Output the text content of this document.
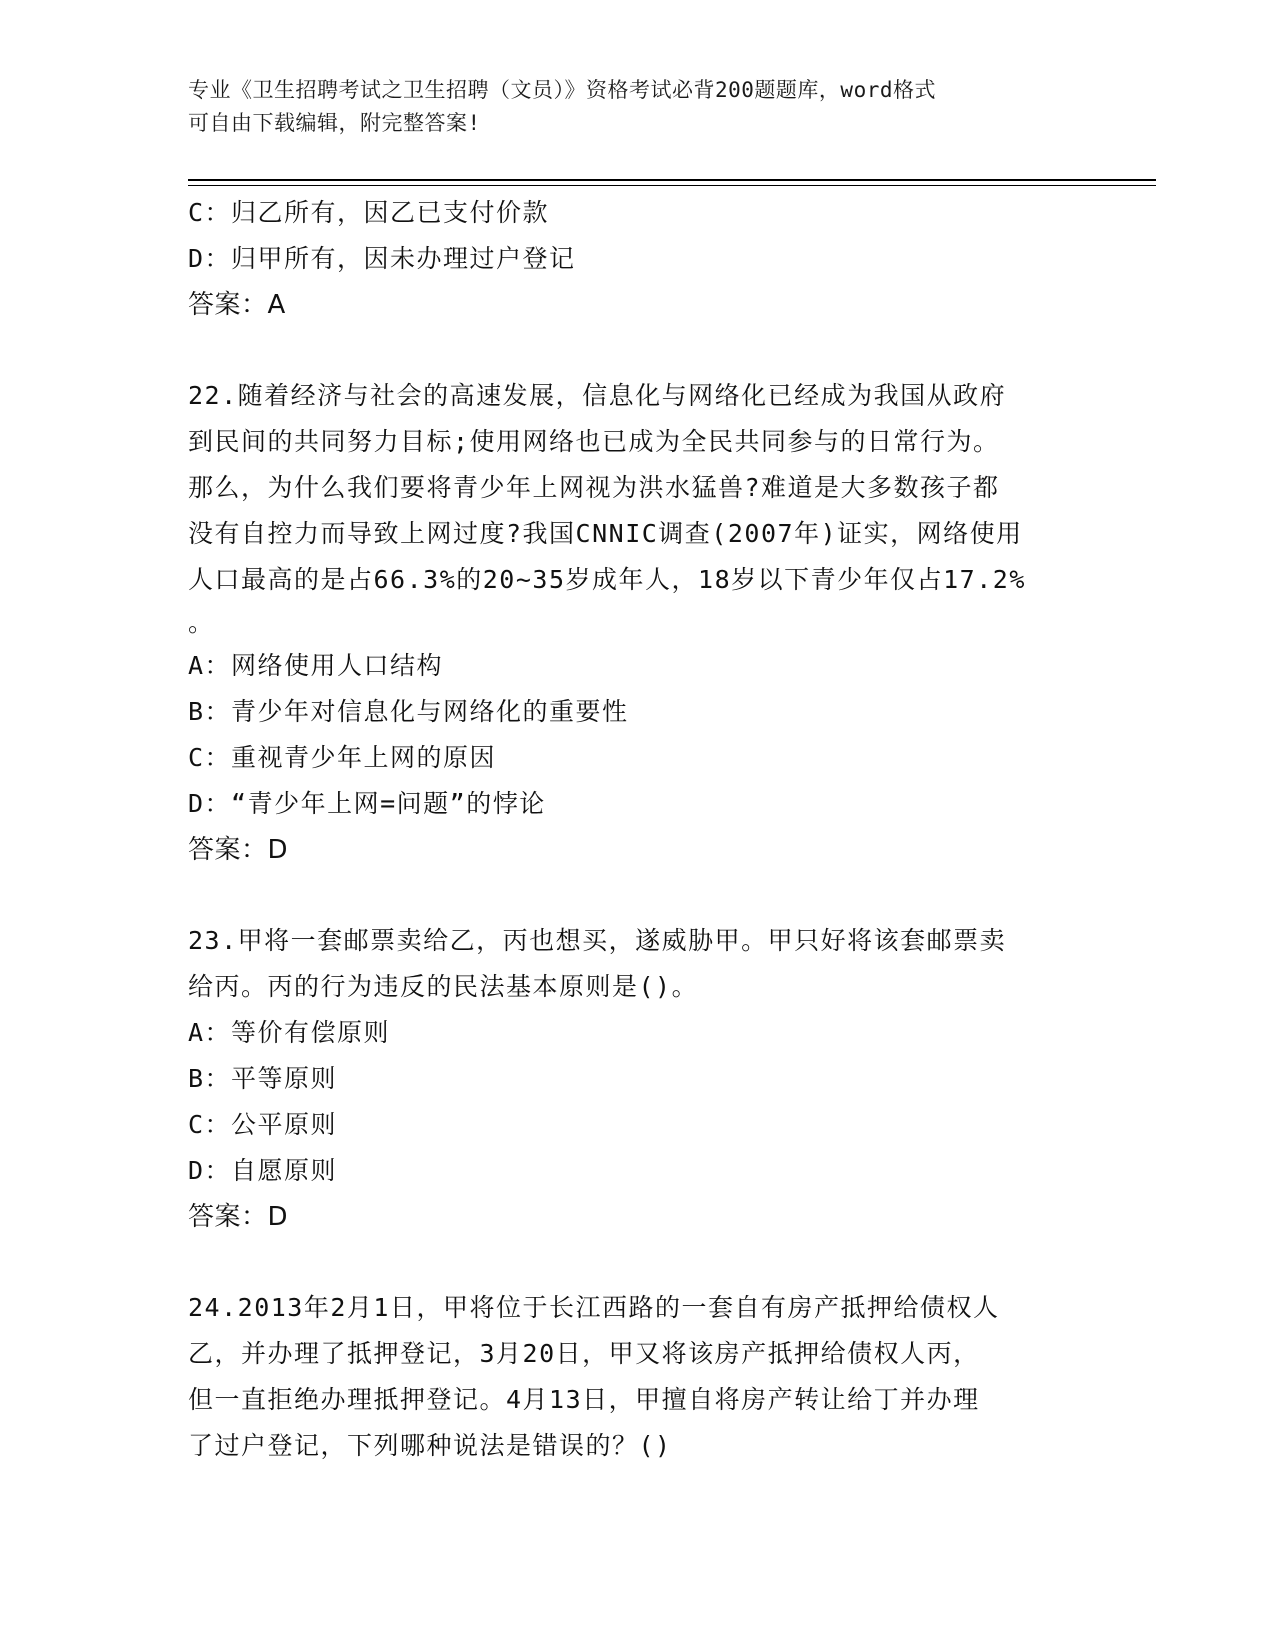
专业《卫生招聘考试之卫生招聘（文员）》资格考试必背200题题库，word格式
可自由下载编辑，附完整答案!
C：归乙所有，因乙已支付价款
D：归甲所有，因未办理过户登记
答案：A
22.随着经济与社会的高速发展，信息化与网络化已经成为我国从政府
到民间的共同努力目标;使用网络也已成为全民共同参与的日常行为。
那么，为什么我们要将青少年上网视为洪水猛兽?难道是大多数孩子都
没有自控力而导致上网过度?我国CNNIC调查(2007年)证实，网络使用
人口最高的是占66.3%的20~35岁成年人，18岁以下青少年仅占17.2%
。
A：网络使用人口结构
B：青少年对信息化与网络化的重要性
C：重视青少年上网的原因
D：“青少年上网=问题”的悖论
答案：D
23.甲将一套邮票卖给乙，丙也想买，遂威胁甲。甲只好将该套邮票卖
给丙。丙的行为违反的民法基本原则是()。
A：等价有偿原则
B：平等原则
C：公平原则
D：自愿原则
答案：D
24.2013年2月1日，甲将位于长江西路的一套自有房产抵押给债权人
乙，并办理了抵押登记，3月20日，甲又将该房产抵押给债权人丙，
但一直拒绝办理抵押登记。4月13日，甲擅自将房产转让给丁并办理
了过户登记，下列哪种说法是错误的？()
